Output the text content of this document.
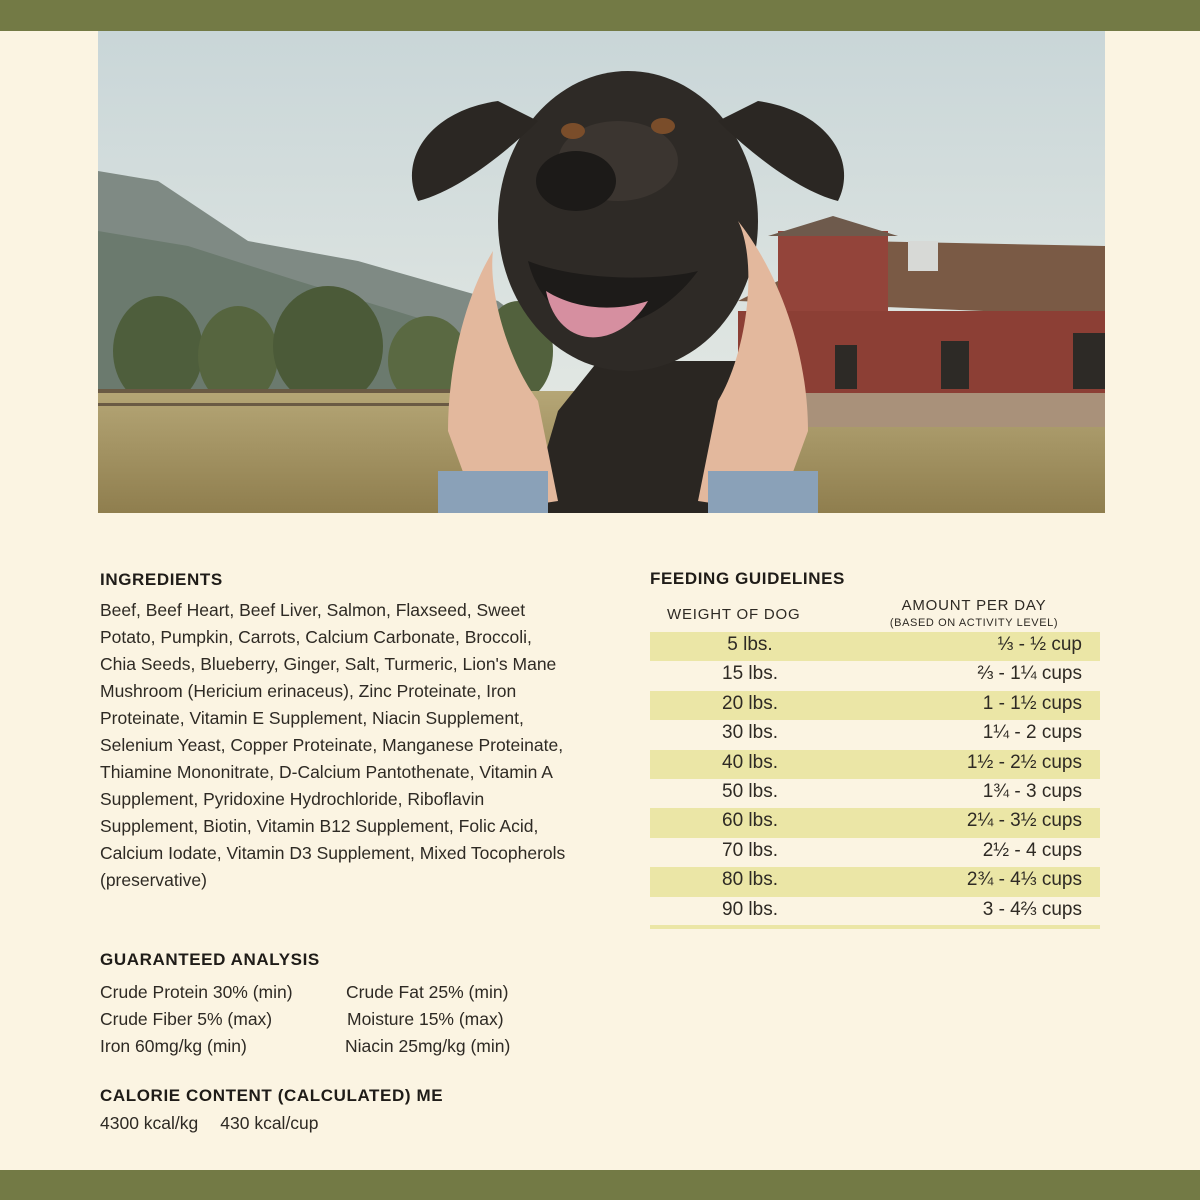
INGREDIENTS

Beef, Beef Heart, Beef Liver, Salmon, Flaxseed, Sweet Potato, Pumpkin, Carrots, Calcium Carbonate, Broccoli, Chia Seeds, Blueberry, Ginger, Salt, Turmeric, Lion's Mane Mushroom (Hericium erinaceus), Zinc Proteinate, Iron Proteinate, Vitamin E Supplement, Niacin Supplement, Selenium Yeast, Copper Proteinate, Manganese Proteinate, Thiamine Mononitrate, D-Calcium Pantothenate, Vitamin A Supplement, Pyridoxine Hydrochloride, Riboflavin Supplement, Biotin, Vitamin B12 Supplement, Folic Acid, Calcium Iodate, Vitamin D3 Supplement, Mixed Tocopherols (preservative)

GUARANTEED ANALYSIS
Crude Protein 30% (min)	Crude Fat 25% (min)
Crude Fiber 5% (max)	Moisture 15% (max)
Iron 60mg/kg (min)	Niacin 25mg/kg (min)
CALORIE CONTENT (CALCULATED) ME
4300 kcal/kg 430 kcal/cup
FEEDING GUIDELINES
WEIGHT OF DOG
AMOUNT PER DAY
(BASED ON ACTIVITY LEVEL)
5 lbs.	⅓ - ½ cup
15 lbs.	⅔ - 1¼ cups
20 lbs.	1 - 1½ cups
30 lbs.	1¼ - 2 cups
40 lbs.	1½ - 2½ cups
50 lbs.	1¾ - 3 cups
60 lbs.	2¼ - 3½ cups
70 lbs.	2½ - 4 cups
80 lbs.	2¾ - 4⅓ cups
90 lbs.	3 - 4⅔ cups
